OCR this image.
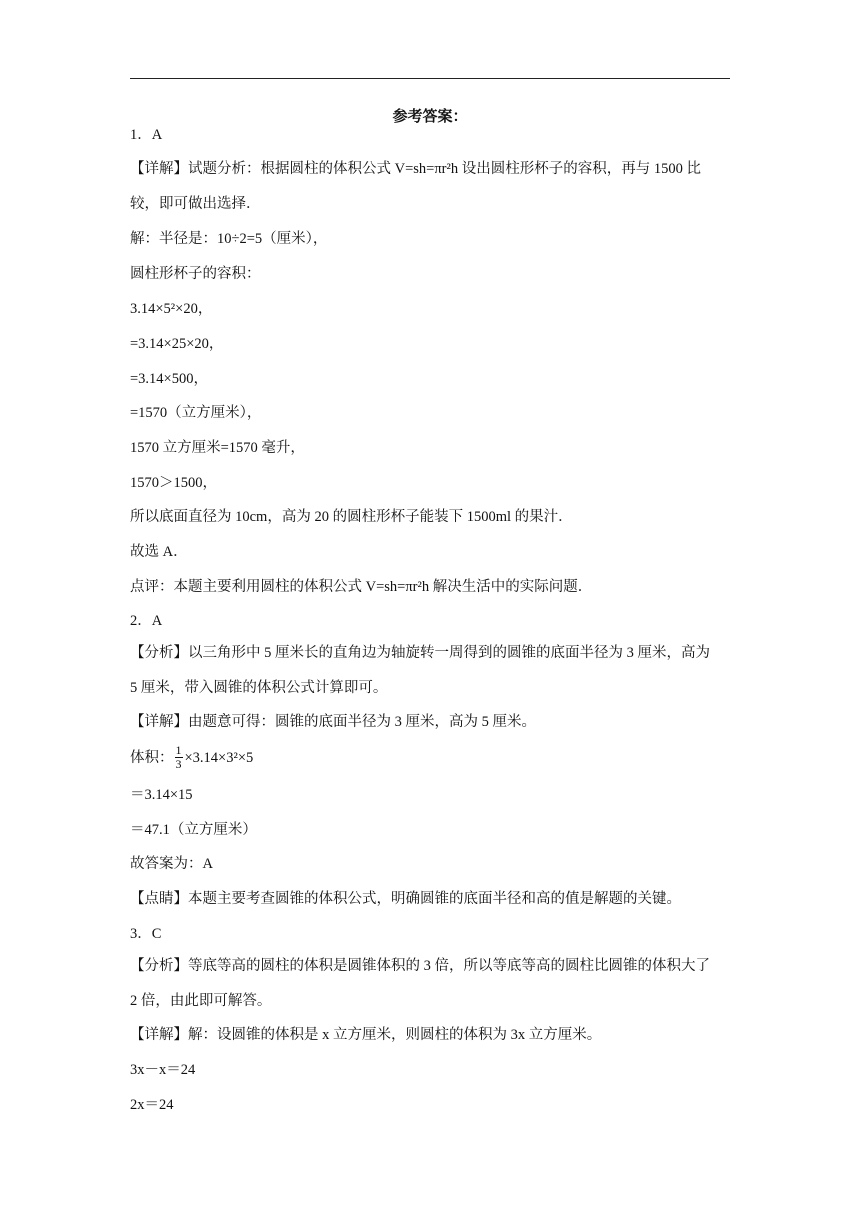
参考答案：
1．A
【详解】试题分析：根据圆柱的体积公式 V=sh=πr²h 设出圆柱形杯子的容积，再与 1500 比
较，即可做出选择．
解：半径是：10÷2=5（厘米），
圆柱形杯子的容积：
3.14×5²×20，
=3.14×25×20，
=3.14×500，
=1570（立方厘米），
1570 立方厘米=1570 毫升，
1570＞1500，
所以底面直径为 10cm，高为 20 的圆柱形杯子能装下 1500ml 的果汁．
故选 A．
点评：本题主要利用圆柱的体积公式 V=sh=πr²h 解决生活中的实际问题．
2．A
【分析】以三角形中 5 厘米长的直角边为轴旋转一周得到的圆锥的底面半径为 3 厘米，高为
5 厘米，带入圆锥的体积公式计算即可。
【详解】由题意可得：圆锥的底面半径为 3 厘米，高为 5 厘米。
＝3.14×15
＝47.1（立方厘米）
故答案为：A
【点睛】本题主要考查圆锥的体积公式，明确圆锥的底面半径和高的值是解题的关键。
3．C
【分析】等底等高的圆柱的体积是圆锥体积的 3 倍，所以等底等高的圆柱比圆锥的体积大了
2 倍，由此即可解答。
【详解】解：设圆锥的体积是 x 立方厘米，则圆柱的体积为 3x 立方厘米。
3x－x＝24
2x＝24
体积： $\frac{1}{3} \times 3.14\times 3^2\times 5$
